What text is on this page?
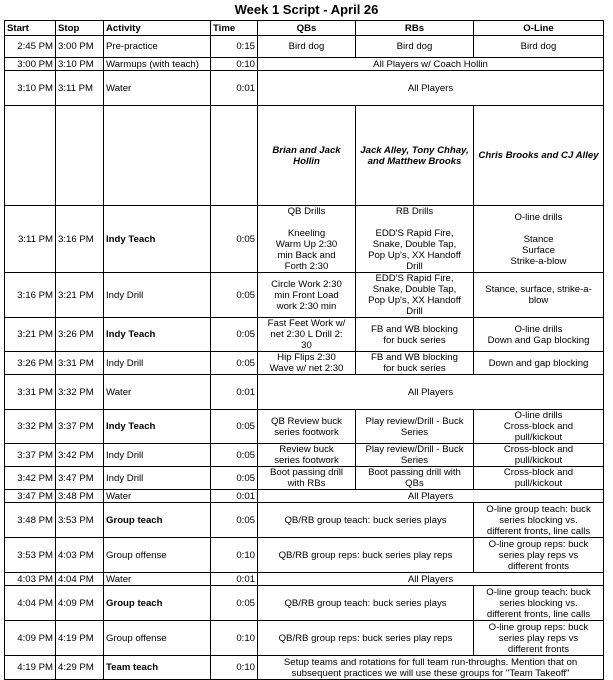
Week 1 Script - April 26
Start	Stop	Activity	Time	QBs	RBs	O-Line
2:45 PM	3:00 PM	Pre-practice	0:15	Bird dog	Bird dog	Bird dog
3:00 PM	3:10 PM	Warmups (with teach)	0:10	All Players w/ Coach Hollin		
3:10 PM	3:11 PM	Water	0:01	All Players		
				Brian and Jack Hollin	Jack Alley, Tony Chhay, and Matthew Brooks	Chris Brooks and CJ Alley
3:11 PM	3:16 PM	Indy Teach	0:05	QB Drills

Kneeling
Warm Up 2:30
min Back and
Forth 2:30	RB Drills

EDD'S Rapid Fire,
Snake, Double Tap,
Pop Up's, XX Handoff
Drill	O-line drills

Stance
Surface
Strike-a-blow
3:16 PM	3:21 PM	Indy Drill	0:05	Circle Work 2:30
min Front Load
work 2:30 min	EDD'S Rapid Fire,
Snake, Double Tap,
Pop Up's, XX Handoff
Drill	Stance, surface, strike-a-
blow
3:21 PM	3:26 PM	Indy Teach	0:05	Fast Feet Work w/
net 2:30 L Drill 2:
30	FB and WB blocking
for buck series	O-line drills
Down and Gap blocking
3:26 PM	3:31 PM	Indy Drill	0:05	Hip Flips 2:30
Wave w/ net 2:30	FB and WB blocking
for buck series	Down and gap blocking
3:31 PM	3:32 PM	Water	0:01	All Players		
3:32 PM	3:37 PM	Indy Teach	0:05	QB Review buck
series footwork	Play review/Drill - Buck
Series	O-line drills
Cross-block and
pull/kickout
3:37 PM	3:42 PM	Indy Drill	0:05	Review buck
series footwork	Play review/Drill - Buck
Series	Cross-block and
pull/kickout
3:42 PM	3:47 PM	Indy Drill	0:05	Boot passing drill
with RBs	Boot passing drill with
QBs	Cross-block and
pull/kickout
3:47 PM	3:48 PM	Water	0:01	All Players		
3:48 PM	3:53 PM	Group teach	0:05	QB/RB group teach: buck series plays		O-line group teach: buck
series blocking vs.
different fronts, line calls
3:53 PM	4:03 PM	Group offense	0:10	QB/RB group reps: buck series play reps		O-line group reps: buck
series play reps vs
different fronts
4:03 PM	4:04 PM	Water	0:01	All Players		
4:04 PM	4:09 PM	Group teach	0:05	QB/RB group teach: buck series plays		O-line group teach: buck
series blocking vs.
different fronts, line calls
4:09 PM	4:19 PM	Group offense	0:10	QB/RB group reps: buck series play reps		O-line group reps: buck
series play reps vs
different fronts
4:19 PM	4:29 PM	Team teach	0:10	Setup teams and rotations for full team run-throughs. Mention that on
subsequent practices we will use these groups for "Team Takeoff"		
